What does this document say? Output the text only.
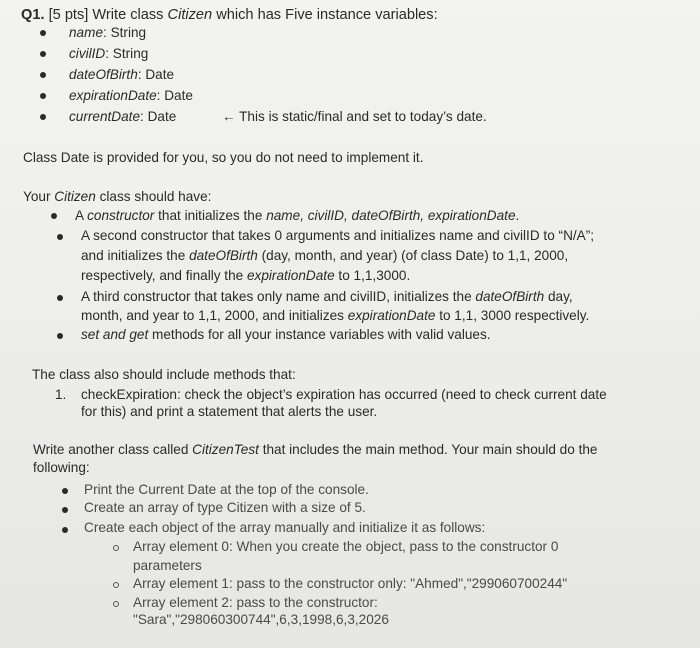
Q1. [5 pts] Write class Citizen which has Five instance variables:
name: String
civilID: String
dateOfBirth: Date
expirationDate: Date
currentDate: Date	← This is static/final and set to today’s date.
Class Date is provided for you, so you do not need to implement it.
Your Citizen class should have:
A constructor that initializes the name, civilID, dateOfBirth, expirationDate.
A second constructor that takes 0 arguments and initializes name and civilID to “N/A”;
and initializes the dateOfBirth (day, month, and year) (of class Date) to 1,1, 2000,
respectively, and finally the expirationDate to 1,1,3000.
A third constructor that takes only name and civilID, initializes the dateOfBirth day,
month, and year to 1,1, 2000, and initializes expirationDate to 1,1, 3000 respectively.
set and get methods for all your instance variables with valid values.
The class also should include methods that:
1. checkExpiration: check the object’s expiration has occurred (need to check current date
for this) and print a statement that alerts the user.
Write another class called CitizenTest that includes the main method. Your main should do the
following:
Print the Current Date at the top of the console.
Create an array of type Citizen with a size of 5.
Create each object of the array manually and initialize it as follows:
Array element 0: When you create the object, pass to the constructor 0
parameters
Array element 1: pass to the constructor only: "Ahmed","299060700244"
Array element 2: pass to the constructor:
"Sara","298060300744",6,3,1998,6,3,2026
